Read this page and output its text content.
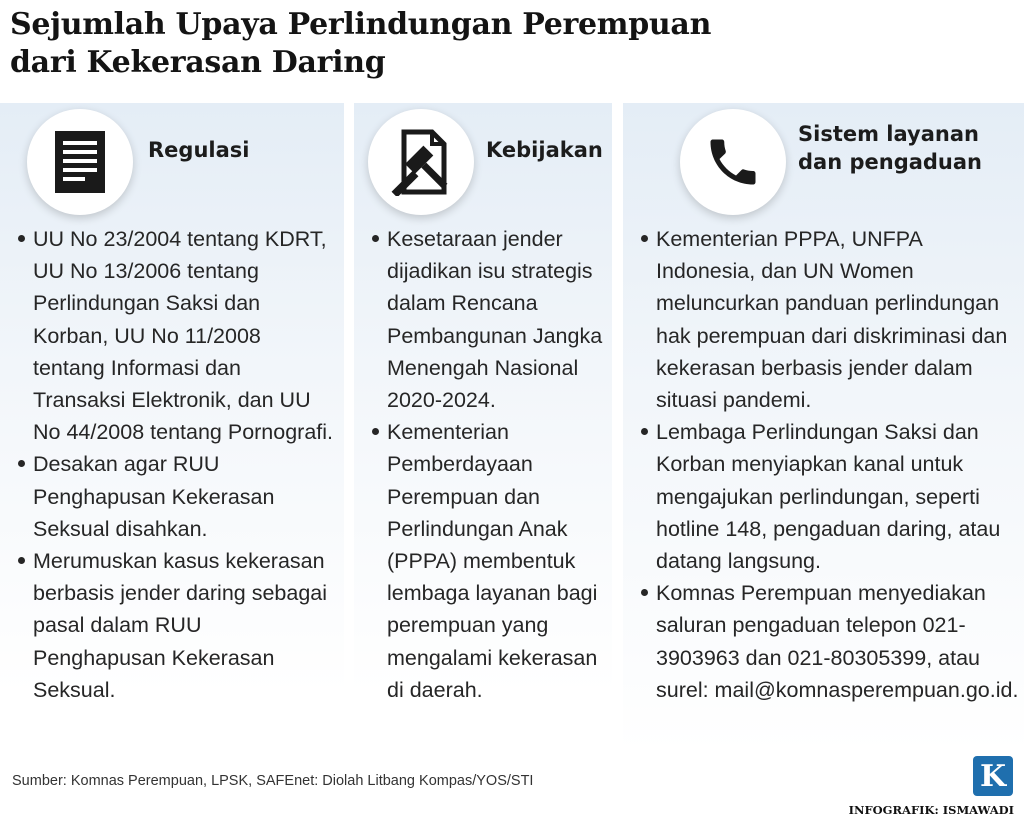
Sejumlah Upaya Perlindungan Perempuan
dari Kekerasan Daring
Regulasi
UU No 23/2004 tentang KDRT, UU No 13/2006 tentang Perlindungan Saksi dan Korban, UU No 11/2008 tentang Informasi dan Transaksi Elektronik, dan UU No 44/2008 tentang Pornografi.
Desakan agar RUU Penghapusan Kekerasan Seksual disahkan.
Merumuskan kasus kekerasan berbasis jender daring sebagai pasal dalam RUU Penghapusan Kekerasan Seksual.
Kebijakan
Kesetaraan jender dijadikan isu strategis dalam Rencana Pembangunan Jangka Menengah Nasional 2020-2024.
Kementerian Pemberdayaan Perempuan dan Perlindungan Anak (PPPA) membentuk lembaga layanan bagi perempuan yang mengalami kekerasan di daerah.
Sistem layanan
dan pengaduan
Kementerian PPPA, UNFPA Indonesia, dan UN Women meluncurkan panduan perlindungan hak perempuan dari diskriminasi dan kekerasan berbasis jender dalam situasi pandemi.
Lembaga Perlindungan Saksi dan Korban menyiapkan kanal untuk mengajukan perlindungan, seperti hotline 148, pengaduan daring, atau datang langsung.
Komnas Perempuan menyediakan saluran pengaduan telepon 021-3903963 dan 021-80305399, atau surel: mail@komnasperempuan.go.id.
Sumber: Komnas Perempuan, LPSK, SAFEnet: Diolah Litbang Kompas/YOS/STI	K
INFOGRAFIK: ISMAWADI
